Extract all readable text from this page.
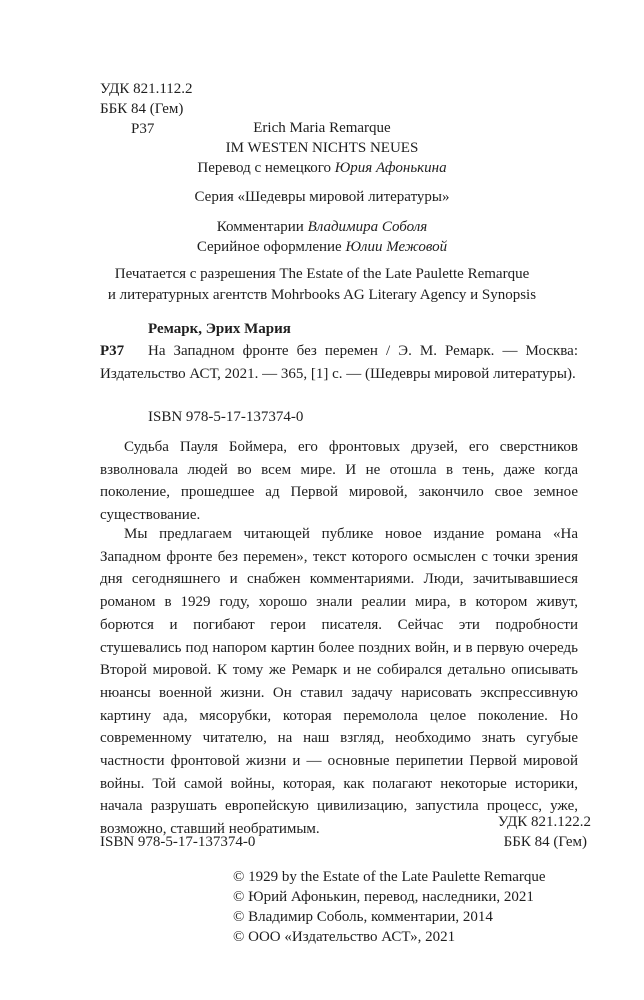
УДК 821.112.2
ББК 84 (Гем)
Р37	Erich Maria Remarque
IM WESTEN NICHTS NEUES
Перевод с немецкого Юрия Афонькина
Серия «Шедевры мировой литературы»
Комментарии Владимира Соболя
Серийное оформление Юлии Межовой
Печатается с разрешения The Estate of the Late Paulette Remarque
и литературных агентств Mohrbooks AG Literary Agency и Synopsis
Ремарк, Эрих Мария
Р37	На Западном фронте без перемен / Э. М. Ремарк. — Москва: Издательство АСТ, 2021. — 365, [1] с. — (Шедевры мировой литературы).
ISBN 978-5-17-137374-0
Судьба Пауля Боймера, его фронтовых друзей, его сверстников взволновала людей во всем мире. И не отошла в тень, даже когда поколение, прошедшее ад Первой мировой, закончило свое земное существование.
Мы предлагаем читающей публике новое издание романа «На Западном фронте без перемен», текст которого осмыслен с точки зрения дня сегодняшнего и снабжен комментариями. Люди, зачитывавшиеся романом в 1929 году, хорошо знали реалии мира, в котором живут, борются и погибают герои писателя. Сейчас эти подробности стушевались под напором картин более поздних войн, и в первую очередь Второй мировой. К тому же Ремарк и не собирался детально описывать нюансы военной жизни. Он ставил задачу нарисовать экспрессивную картину ада, мясорубки, которая перемолола целое поколение. Но современному читателю, на наш взгляд, необходимо знать сугубые частности фронтовой жизни и — основные перипетии Первой мировой войны. Той самой войны, которая, как полагают некоторые историки, начала разрушать европейскую цивилизацию, запустила процесс, уже, возможно, ставший необратимым.	УДК 821.122.2
ISBN 978-5-17-137374-0	ББК 84 (Гем)
© 1929 by the Estate of the Late Paulette Remarque
© Юрий Афонькин, перевод, наследники, 2021
© Владимир Соболь, комментарии, 2014
© ООО «Издательство АСТ», 2021
